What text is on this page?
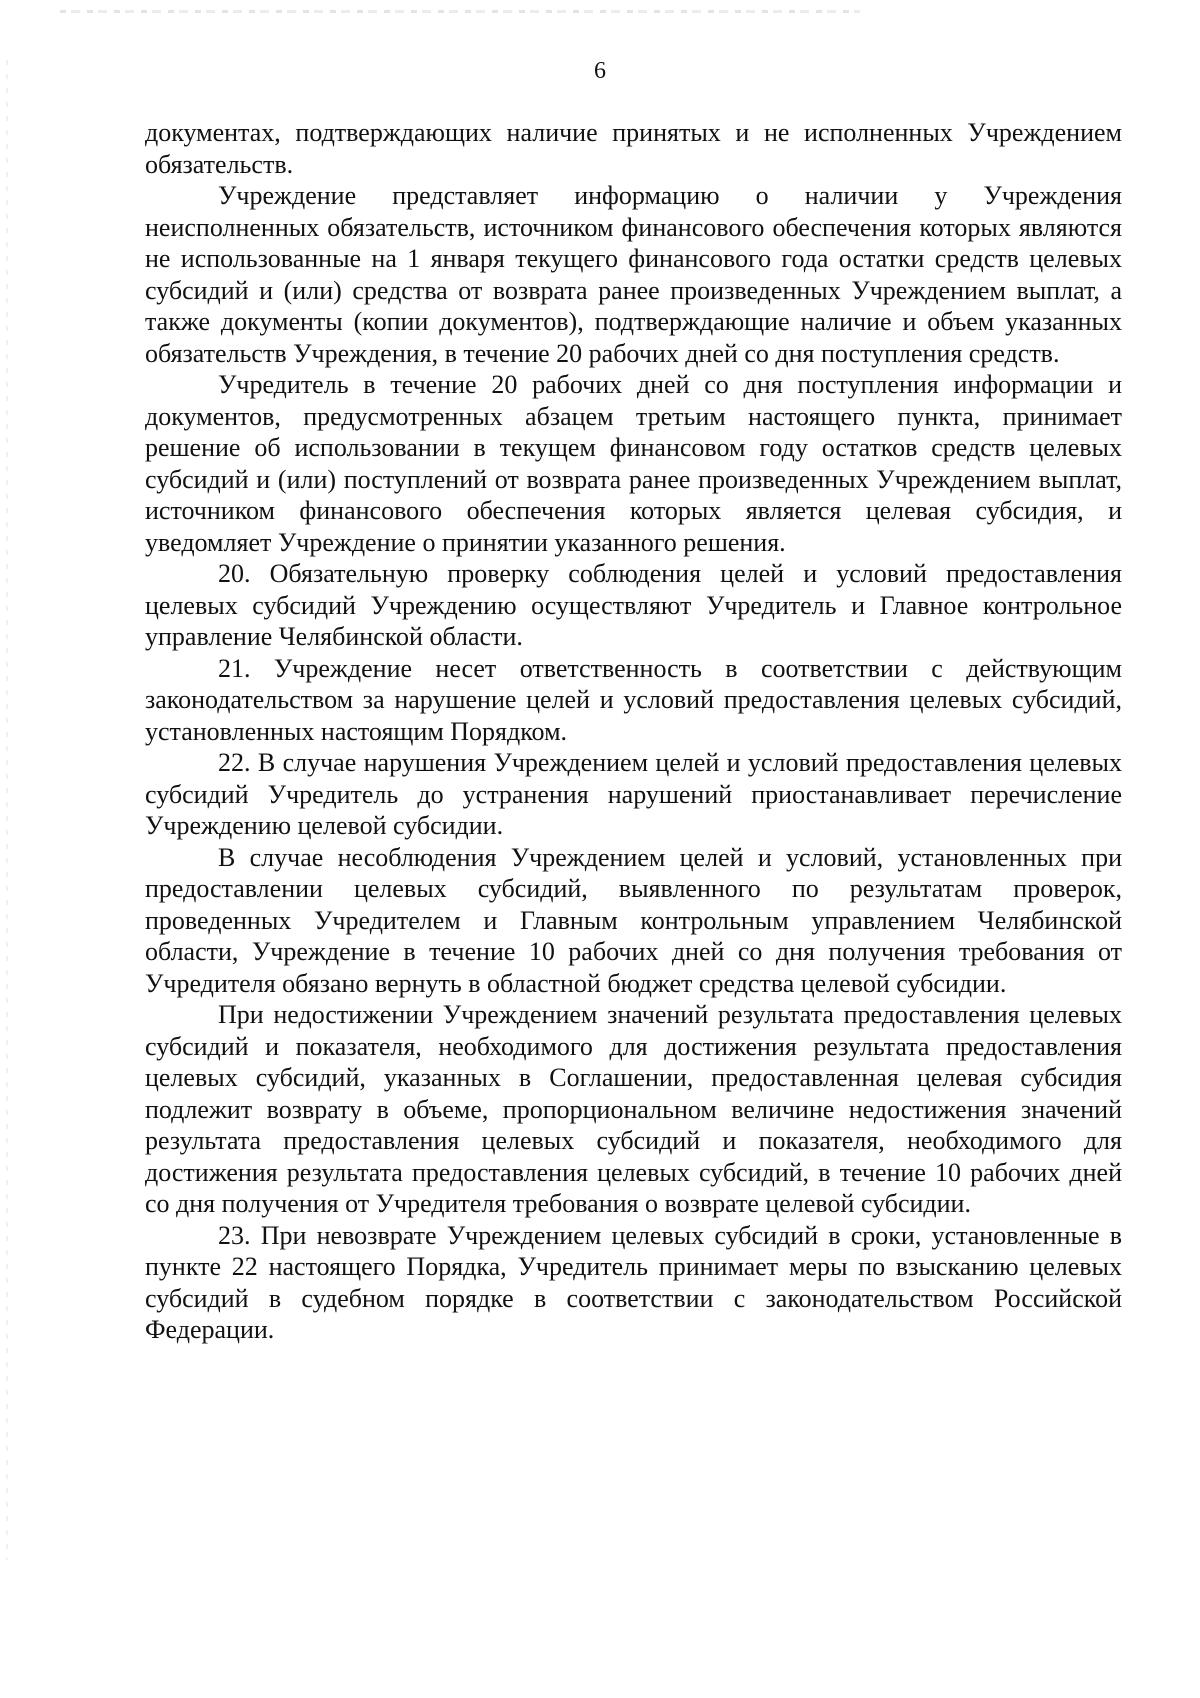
6

документах, подтверждающих наличие принятых и не исполненных Учреждением обязательств.

Учреждение представляет информацию о наличии у Учреждения неисполненных обязательств, источником финансового обеспечения которых являются не использованные на 1 января текущего финансового года остатки средств целевых субсидий и (или) средства от возврата ранее произведенных Учреждением выплат, а также документы (копии документов), подтверждающие наличие и объем указанных обязательств Учреждения, в течение 20 рабочих дней со дня поступления средств.

Учредитель в течение 20 рабочих дней со дня поступления информации и документов, предусмотренных абзацем третьим настоящего пункта, принимает решение об использовании в текущем финансовом году остатков средств целевых субсидий и (или) поступлений от возврата ранее произведенных Учреждением выплат, источником финансового обеспечения которых является целевая субсидия, и уведомляет Учреждение о принятии указанного решения.

20. Обязательную проверку соблюдения целей и условий предоставления целевых субсидий Учреждению осуществляют Учредитель и Главное контрольное управление Челябинской области.

21. Учреждение несет ответственность в соответствии с действующим законодательством за нарушение целей и условий предоставления целевых субсидий, установленных настоящим Порядком.

22. В случае нарушения Учреждением целей и условий предоставления целевых субсидий Учредитель до устранения нарушений приостанавливает перечисление Учреждению целевой субсидии.

В случае несоблюдения Учреждением целей и условий, установленных при предоставлении целевых субсидий, выявленного по результатам проверок, проведенных Учредителем и Главным контрольным управлением Челябинской области, Учреждение в течение 10 рабочих дней со дня получения требования от Учредителя обязано вернуть в областной бюджет средства целевой субсидии.

При недостижении Учреждением значений результата предоставления целевых субсидий и показателя, необходимого для достижения результата предоставления целевых субсидий, указанных в Соглашении, предоставленная целевая субсидия подлежит возврату в объеме, пропорциональном величине недостижения значений результата предоставления целевых субсидий и показателя, необходимого для достижения результата предоставления целевых субсидий, в течение 10 рабочих дней со дня получения от Учредителя требования о возврате целевой субсидии.

23. При невозврате Учреждением целевых субсидий в сроки, установленные в пункте 22 настоящего Порядка, Учредитель принимает меры по взысканию целевых субсидий в судебном порядке в соответствии с законодательством Российской Федерации.
